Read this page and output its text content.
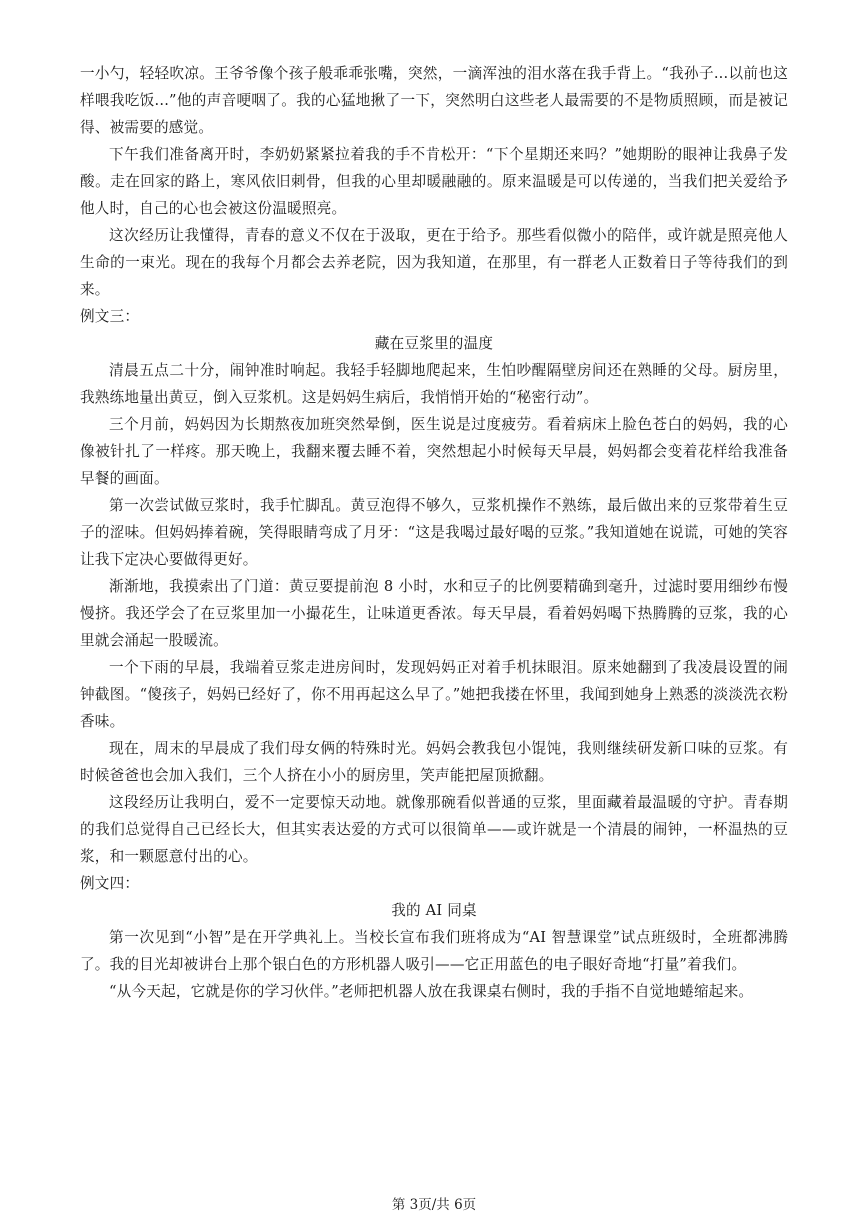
一小勺，轻轻吹凉。王爷爷像个孩子般乖乖张嘴，突然，一滴浑浊的泪水落在我手背上。“我孙子...以前也这样喂我吃饭...”他的声音哽咽了。我的心猛地揪了一下，突然明白这些老人最需要的不是物质照顾，而是被记得、被需要的感觉。

下午我们准备离开时，李奶奶紧紧拉着我的手不肯松开：“下个星期还来吗？”她期盼的眼神让我鼻子发酸。走在回家的路上，寒风依旧刺骨，但我的心里却暖融融的。原来温暖是可以传递的，当我们把关爱给予他人时，自己的心也会被这份温暖照亮。

这次经历让我懂得，青春的意义不仅在于汲取，更在于给予。那些看似微小的陪伴，或许就是照亮他人生命的一束光。现在的我每个月都会去养老院，因为我知道，在那里，有一群老人正数着日子等待我们的到来。

例文三：

藏在豆浆里的温度

清晨五点二十分，闹钟准时响起。我轻手轻脚地爬起来，生怕吵醒隔壁房间还在熟睡的父母。厨房里，我熟练地量出黄豆，倒入豆浆机。这是妈妈生病后，我悄悄开始的“秘密行动”。

三个月前，妈妈因为长期熬夜加班突然晕倒，医生说是过度疲劳。看着病床上脸色苍白的妈妈，我的心像被针扎了一样疼。那天晚上，我翻来覆去睡不着，突然想起小时候每天早晨，妈妈都会变着花样给我准备早餐的画面。

第一次尝试做豆浆时，我手忙脚乱。黄豆泡得不够久，豆浆机操作不熟练，最后做出来的豆浆带着生豆子的涩味。但妈妈捧着碗，笑得眼睛弯成了月牙：“这是我喝过最好喝的豆浆。”我知道她在说谎，可她的笑容让我下定决心要做得更好。

渐渐地，我摸索出了门道：黄豆要提前泡 8 小时，水和豆子的比例要精确到毫升，过滤时要用细纱布慢慢挤。我还学会了在豆浆里加一小撮花生，让味道更香浓。每天早晨，看着妈妈喝下热腾腾的豆浆，我的心里就会涌起一股暖流。

一个下雨的早晨，我端着豆浆走进房间时，发现妈妈正对着手机抹眼泪。原来她翻到了我凌晨设置的闹钟截图。“傻孩子，妈妈已经好了，你不用再起这么早了。”她把我搂在怀里，我闻到她身上熟悉的淡淡洗衣粉香味。

现在，周末的早晨成了我们母女俩的特殊时光。妈妈会教我包小馄饨，我则继续研发新口味的豆浆。有时候爸爸也会加入我们，三个人挤在小小的厨房里，笑声能把屋顶掀翻。

这段经历让我明白，爱不一定要惊天动地。就像那碗看似普通的豆浆，里面藏着最温暖的守护。青春期的我们总觉得自己已经长大，但其实表达爱的方式可以很简单——或许就是一个清晨的闹钟，一杯温热的豆浆，和一颗愿意付出的心。

例文四：

我的 AI 同桌

第一次见到“小智”是在开学典礼上。当校长宣布我们班将成为“AI 智慧课堂”试点班级时，全班都沸腾了。我的目光却被讲台上那个银白色的方形机器人吸引——它正用蓝色的电子眼好奇地“打量”着我们。

“从今天起，它就是你的学习伙伴。”老师把机器人放在我课桌右侧时，我的手指不自觉地蜷缩起来。

第 3页/共 6页
